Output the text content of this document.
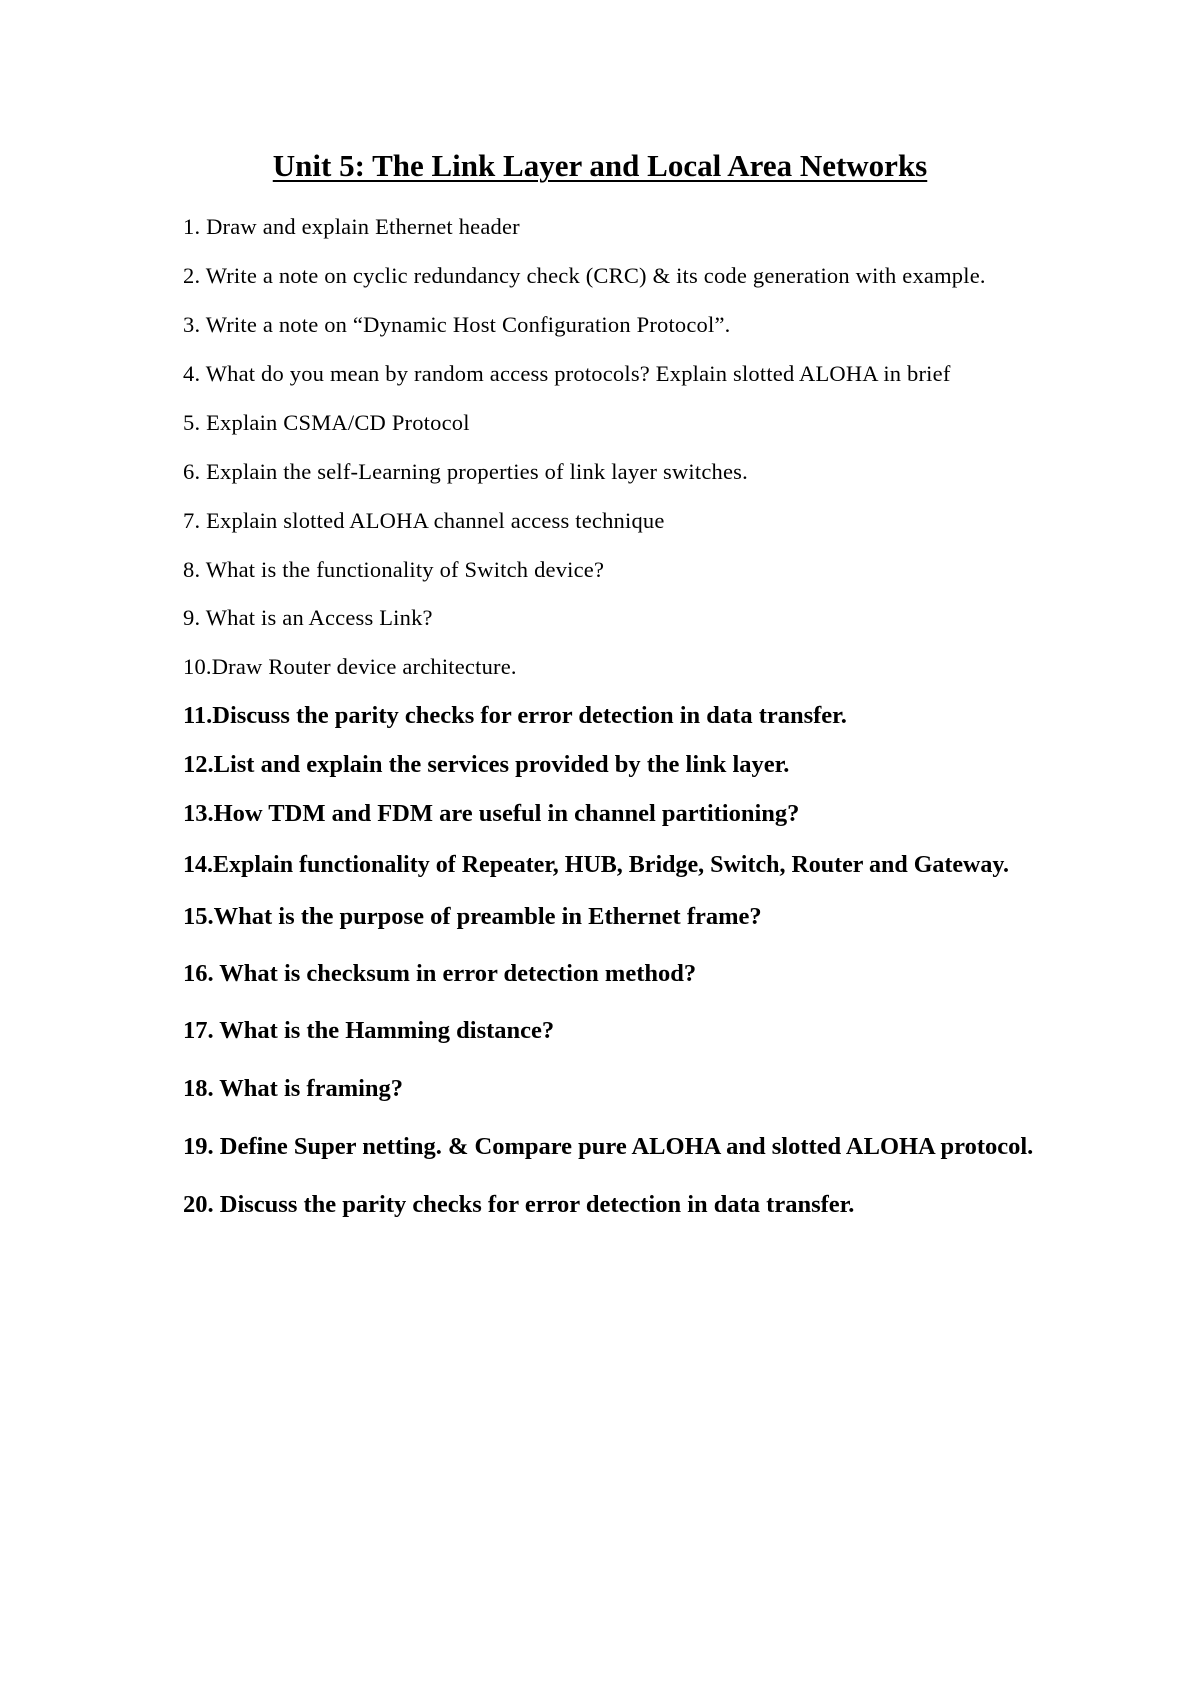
Unit 5: The Link Layer and Local Area Networks
1. Draw and explain Ethernet header
2. Write a note on cyclic redundancy check (CRC) & its code generation with example.
3. Write a note on “Dynamic Host Configuration Protocol”.
4. What do you mean by random access protocols? Explain slotted ALOHA in brief
5. Explain CSMA/CD Protocol
6. Explain the self-Learning properties of link layer switches.
7. Explain slotted ALOHA channel access technique
8. What is the functionality of Switch device?
9. What is an Access Link?
10.Draw Router device architecture.
11.Discuss the parity checks for error detection in data transfer.
12.List and explain the services provided by the link layer.
13.How TDM and FDM are useful in channel partitioning?
14.Explain functionality of Repeater, HUB, Bridge, Switch, Router and Gateway.
15.What is the purpose of preamble in Ethernet frame?
16. What is checksum in error detection method?
17. What is the Hamming distance?
18. What is framing?
19. Define Super netting. & Compare pure ALOHA and slotted ALOHA protocol.
20. Discuss the parity checks for error detection in data transfer.
